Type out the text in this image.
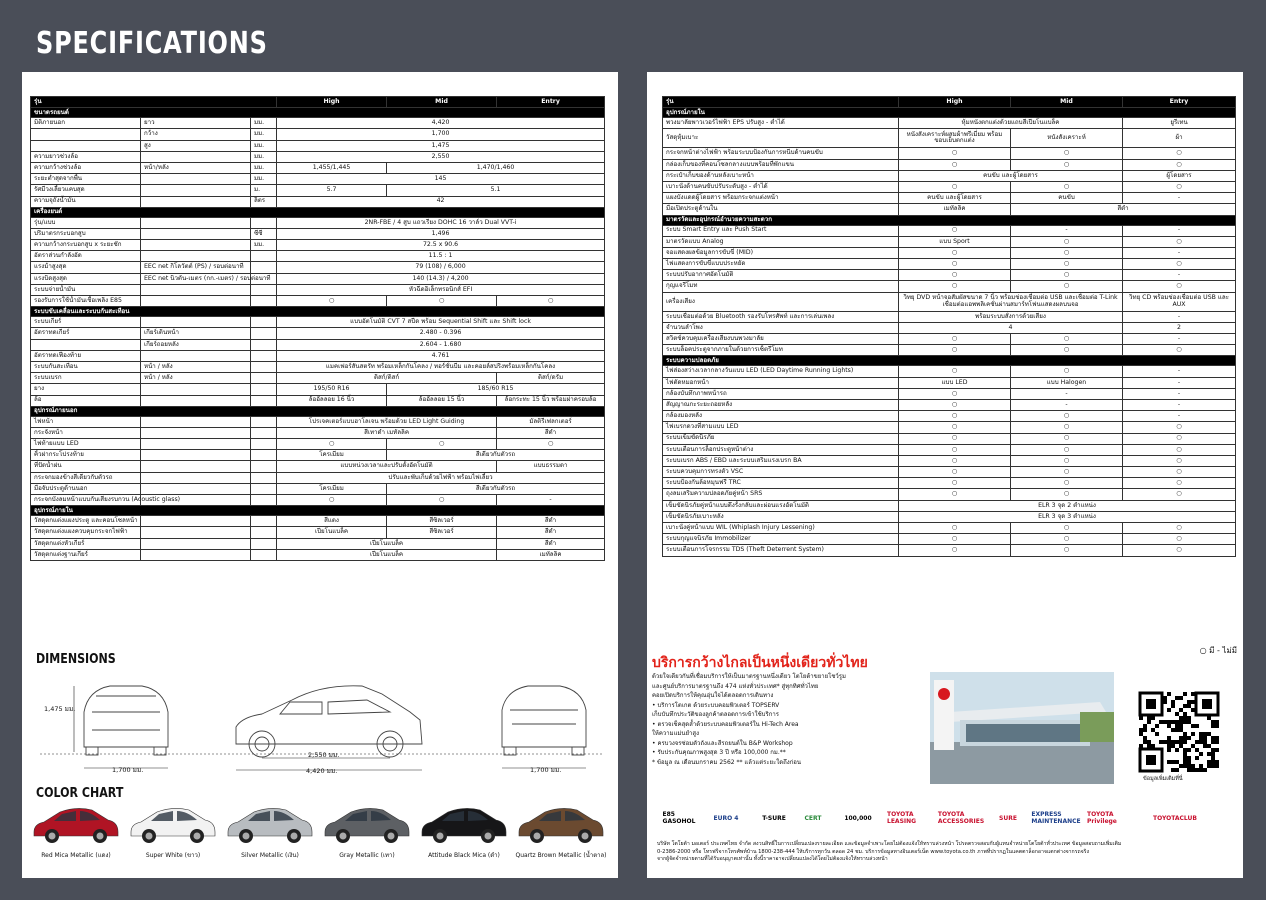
SPECIFICATIONS
รุ่น			High	Mid	Entry
ขนาดรถยนต์					
มิติภายนอก	ยาว	มม.	4,420		
	กว้าง	มม.	1,700		
	สูง	มม.	1,475		
ความยาวช่วงล้อ		มม.	2,550		
ความกว้างช่วงล้อ	หน้า/หลัง	มม.	1,455/1,445	1,470/1,460	
ระยะต่ำสุดจากพื้น		มม.	145		
รัศมีวงเลี้ยวแคบสุด		ม.	5.7	5.1	
ความจุถังน้ำมัน		ลิตร	42		
เครื่องยนต์					
รุ่น/แบบ			2NR-FBE / 4 สูบ แถวเรียง DOHC 16 วาล์ว Dual VVT-i		
ปริมาตรกระบอกสูบ		ซีซี	1,496		
ความกว้างกระบอกสูบ x ระยะชัก		มม.	72.5 x 90.6		
อัตราส่วนกำลังอัด			11.5 : 1		
แรงม้าสูงสุด	EEC net กิโลวัตต์ (PS) / รอบต่อนาที		79 (108) / 6,000		
แรงบิดสูงสุด	EEC net นิวตัน-เมตร (กก.-เมตร) / รอบต่อนาที		140 (14.3) / 4,200		
ระบบจ่ายน้ำมัน			หัวฉีดอิเล็กทรอนิกส์ EFI		
รองรับการใช้น้ำมันเชื้อเพลิง E85			○	○	○
ระบบขับเคลื่อนและระบบกันสะเทือน					
ระบบเกียร์			แบบอัตโนมัติ CVT 7 สปีด พร้อม Sequential Shift และ Shift lock		
อัตราทดเกียร์	เกียร์เดินหน้า		2.480 - 0.396		
	เกียร์ถอยหลัง		2.604 - 1.680		
อัตราทดเฟืองท้าย			4.761		
ระบบกันสะเทือน	หน้า / หลัง		แมคเฟอร์สันสตรัท พร้อมเหล็กกันโคลง / ทอร์ชั่นบีม และคอยล์สปริงพร้อมเหล็กกันโคลง		
ระบบเบรก	หน้า / หลัง		ดิสก์/ดิสก์		ดิสก์/ดรัม
ยาง			195/50 R16	185/60 R15	
ล้อ			ล้ออัลลอย 16 นิ้ว	ล้ออัลลอย 15 นิ้ว	ล้อกระทะ 15 นิ้ว พร้อมฝาครอบล้อ
อุปกรณ์ภายนอก					
ไฟหน้า			โปรเจคเตอร์แบบฮาโลเจน พร้อมด้วย LED Light Guiding		มัลติรีเฟลกเตอร์
กระจังหน้า			สีเทาดำ เมทัลลิค		สีดำ
ไฟท้ายแบบ LED			○	○	○
คิ้วฝากระโปรงท้าย			โครเมียม	สีเดียวกับตัวรถ	
ที่ปัดน้ำฝน			แบบหน่วงเวลาและปรับตั้งอัตโนมัติ		แบบธรรมดา
กระจกมองข้างสีเดียวกับตัวรถ			ปรับและพับเก็บด้วยไฟฟ้า พร้อมไฟเลี้ยว		
มือจับประตูด้านนอก			โครเมียม	สีเดียวกับตัวรถ	
กระจกบังลมหน้าแบบกันเสียงรบกวน (Acoustic glass)			○	○	-
อุปกรณ์ภายใน					
วัสดุตกแต่งแผงประตู และคอนโซลหน้า			สีแดง	สีซิลเวอร์	สีดำ
วัสดุตกแต่งแผงควบคุมกระจกไฟฟ้า			เปียโนแบล็ค	สีซิลเวอร์	สีดำ
วัสดุตกแต่งหัวเกียร์			เปียโนแบล็ค		สีดำ
วัสดุตกแต่งฐานเกียร์			เปียโนแบล็ค		เมทัลลิค
DIMENSIONS
1,475 มม.
1,700 มม.
2,550 มม.
4,420 มม.	1,700 มม.
COLOR CHART
Red Mica Metallic (แดง)	Super White (ขาว)	Silver Metallic (เงิน)	Gray Metallic (เทา)	Attitude Black Mica (ดำ)	Quartz Brown Metallic (น้ำตาล)
รุ่น	High	Mid	Entry
อุปกรณ์ภายใน			
พวงมาลัยพาวเวอร์ไฟฟ้า EPS ปรับสูง - ต่ำได้	หุ้มหนังตกแต่งด้วยแถบสีเปียโนแบล็ค		ยูรีเทน
วัสดุหุ้มเบาะ	หนังสังเคราะห์ผสมผ้าพรีเมี่ยม พร้อมขอบเย็บตกแต่ง	หนังสังเคราะห์	ผ้า
กระจกหน้าต่างไฟฟ้า พร้อมระบบป้องกันการหนีบด้านคนขับ	○	○	○
กล่องเก็บของที่คอนโซลกลางแบบพร้อมที่พักแขน	○	○	○
กระเป๋าเก็บของด้านหลังเบาะหน้า	คนขับ และผู้โดยสาร		ผู้โดยสาร
เบาะนั่งด้านคนขับปรับระดับสูง - ต่ำได้	○	○	○
แผงบังแดดผู้โดยสาร พร้อมกระจกแต่งหน้า	คนขับ และผู้โดยสาร	คนขับ	-
มือเปิดประตูด้านใน	เมทัลลิค	สีดำ	
มาตรวัดและอุปกรณ์อำนวยความสะดวก			
ระบบ Smart Entry และ Push Start	○	-	-
มาตรวัดแบบ Analog	แบบ Sport	○	○
จอแสดงผลข้อมูลการขับขี่ (MID)	○	○	-
ไฟแสดงการขับขี่แบบประหยัด	○	○	○
ระบบปรับอากาศอัตโนมัติ	○	○	-
กุญแจรีโมท	○	○	○
เครื่องเสียง	วิทยุ DVD หน้าจอสัมผัสขนาด 7 นิ้ว พร้อมช่องเชื่อมต่อ USB และเชื่อมต่อ T-Link เชื่อมต่อแอพพลิเคชั่นผ่านสมาร์ทโฟนแสดงผลบนจอ		วิทยุ CD พร้อมช่องเชื่อมต่อ USB และ AUX
ระบบเชื่อมต่อด้วย Bluetooth รองรับโทรศัพท์ และการเล่นเพลง	พร้อมระบบสั่งการด้วยเสียง		-
จำนวนลำโพง	4		2
สวิตช์ควบคุมเครื่องเสียงบนพวงมาลัย	○	○	-
ระบบล็อคประตูจากภายในด้วยการเซ็ตรีโมท	○	○	○
ระบบความปลอดภัย			
ไฟส่องสว่างเวลากลางวันแบบ LED (LED Daytime Running Lights)	○	○	-
ไฟตัดหมอกหน้า	แบบ LED	แบบ Halogen	-
กล้องบันทึกภาพหน้ารถ	○	-	-
สัญญาณกะระยะถอยหลัง	○	-	-
กล้องมองหลัง	○	○	-
ไฟเบรกดวงที่สามแบบ LED	○	○	○
ระบบเข็มขัดนิรภัย	○	○	○
ระบบเตือนการล็อกประตูหน้าต่าง	○	○	○
ระบบเบรก ABS / EBD และระบบเสริมแรงเบรก BA	○	○	○
ระบบควบคุมการทรงตัว VSC	○	○	○
ระบบป้องกันล้อหมุนฟรี TRC	○	○	○
ถุงลมเสริมความปลอดภัยคู่หน้า SRS	○	○	○
เข็มขัดนิรภัยคู่หน้าแบบดึงรั้งกลับและผ่อนแรงอัตโนมัติ	ELR 3 จุด 2 ตำแหน่ง		
เข็มขัดนิรภัยเบาะหลัง	ELR 3 จุด 3 ตำแหน่ง		
เบาะนั่งคู่หน้าแบบ WIL (Whiplash Injury Lessening)	○	○	○
ระบบกุญแจนิรภัย Immobilizer	○	○	○
ระบบเตือนการโจรกรรม TDS (Theft Deterrent System)	○	○	○
○ มี - ไม่มี
บริการกว้างไกลเป็นหนึ่งเดียวทั่วไทย
ด้วยใจเดียวกันที่เชื่อมบริการให้เป็นมาตรฐานหนึ่งเดียว โตโยต้าขยายโชว์รูม
และศูนย์บริการมาตรฐานถึง 474 แห่งทั่วประเทศ* สู่ทุกทิศทั่วไทย
คอยเปิดบริการให้คุณอุ่นใจได้ตลอดการเดินทาง
• บริการโตเกต ด้วยระบบคอมพิวเตอร์ TOPSERV
เก็บบันทึกประวัติของลูกค้าตลอดการเข้าใช้บริการ
• ตรวจเช็คสุดล้ำด้วยระบบคอมพิวเตอร์ใน Hi-Tech Area
ให้ความแม่นยำสูง
• ครบวงจรซ่อมตัวถังและสีรถยนต์ใน B&P Workshop
• รับประกันคุณภาพสูงสุด 3 ปี หรือ 100,000 กม.**
* ข้อมูล ณ เดือนมกราคม 2562 ** แล้วแต่ระยะใดถึงก่อน
ข้อมูลเพิ่มเติมที่นี่
E85 GASOHOL	EURO 4	T-SURE	CERT	100,000	TOYOTA LEASING
TOYOTA ACCESSORIES	SURE	EXPRESS MAINTENANCE
TOYOTA Privilege	TOYOTACLUB
บริษัท โตโยต้า มอเตอร์ ประเทศไทย จำกัด สงวนสิทธิ์ในการเปลี่ยนแปลงรายละเอียด และข้อมูลจำเพาะโดยไม่ต้องแจ้งให้ทราบล่วงหน้า โปรดตรวจสอบกับผู้แทนจำหน่ายโตโยต้าทั่วประเทศ ข้อมูลสอบถามเพิ่มเติม
0-2386-2000 หรือ โทรฟรีจากโทรศัพท์บ้าน 1800-238-444 ให้บริการทุกวัน ตลอด 24 ชม. บริการข้อมูลทางอินเตอร์เน็ต www.toyota.co.th ภาพที่ปรากฏในแคตตาล็อกอาจแตกต่างจากรถจริง
จากผู้จัดจำหน่ายตามที่ได้รับอนุญาตเท่านั้น ทั้งนี้ราคาอาจเปลี่ยนแปลงได้โดยไม่ต้องแจ้งให้ทราบล่วงหน้า
